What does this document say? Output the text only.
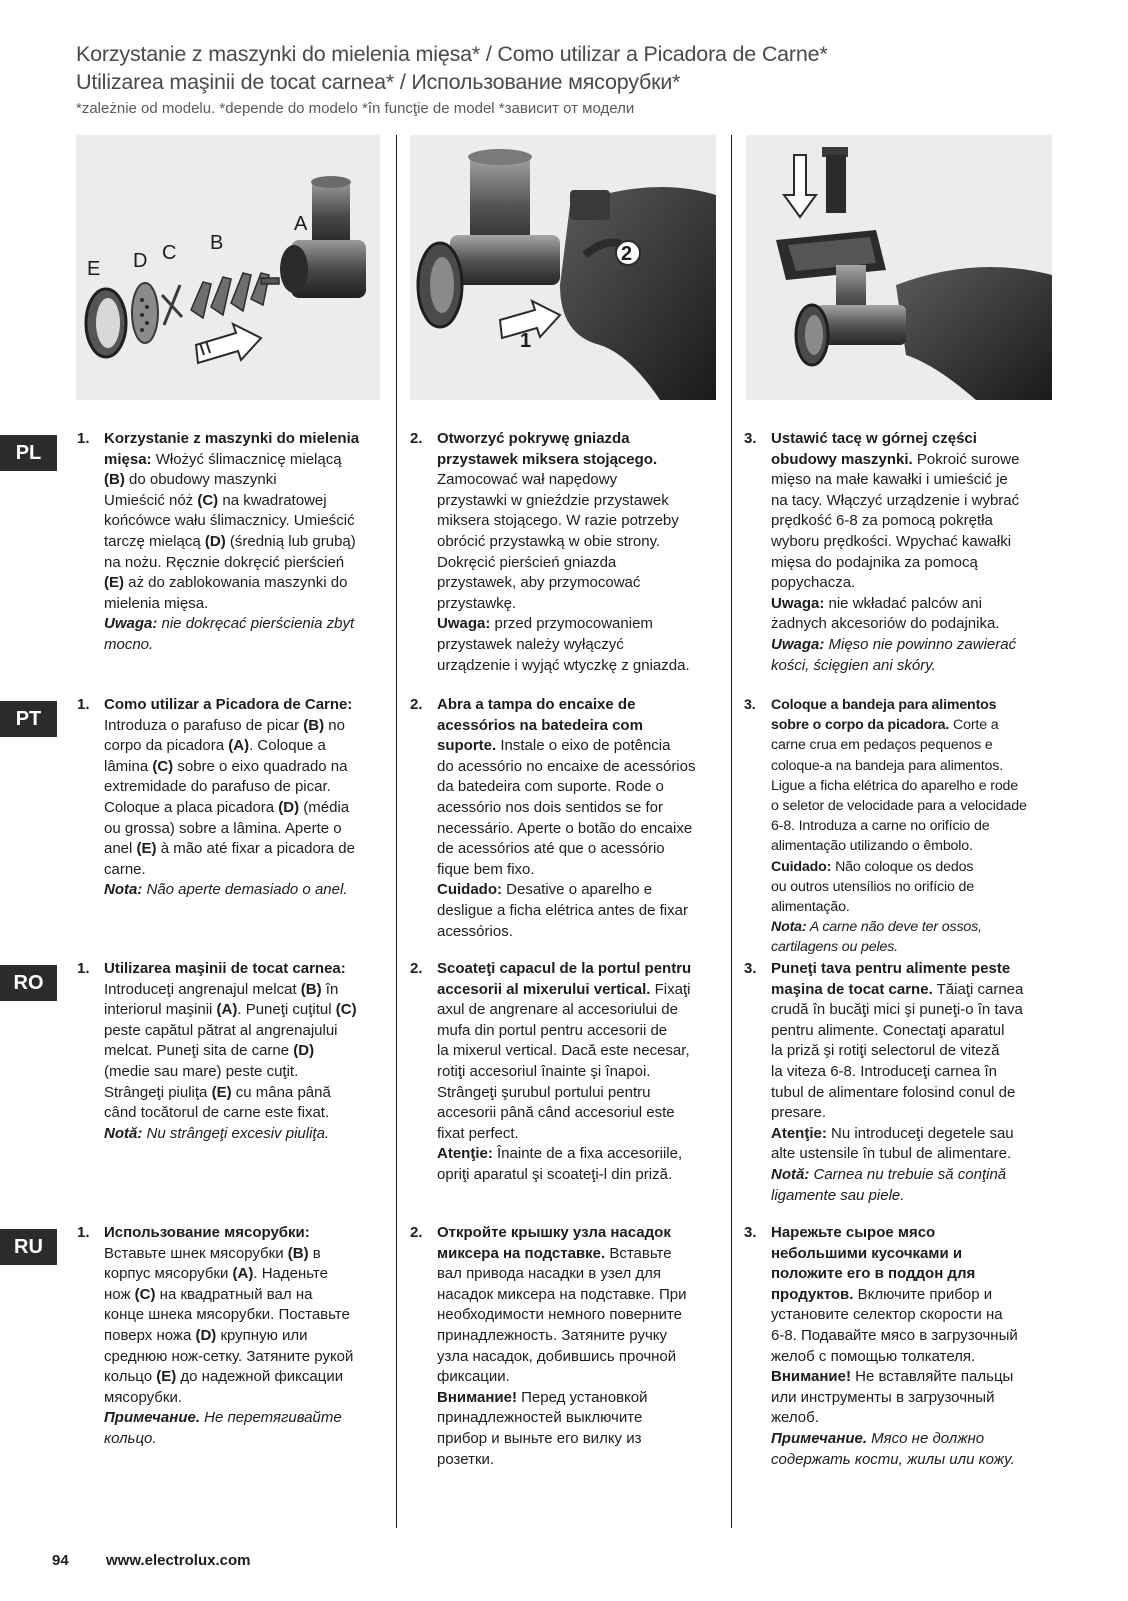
Korzystanie z maszynki do mielenia mięsa* / Como utilizar a Picadora de Carne*
Utilizarea maşinii de tocat carnea* / Использование мясорубки*
*zależnie od modelu. *depende do modelo *în funcţie de model *зависит от модели
A
B
C
D
E
2
1
PL
1. Korzystanie z maszynki do mielenia
mięsa: Włożyć ślimacznicę mielącą
(B) do obudowy maszynki
Umieścić nóż (C) na kwadratowej
końcówce wału ślimacznicy. Umieścić
tarczę mielącą (D) (średnią lub grubą)
na nożu. Ręcznie dokręcić pierścień
(E) aż do zablokowania maszynki do
mielenia mięsa.
Uwaga: nie dokręcać pierścienia zbyt
mocno.
2. Otworzyć pokrywę gniazda
przystawek miksera stojącego.
Zamocować wał napędowy
przystawki w gnieździe przystawek
miksera stojącego. W razie potrzeby
obrócić przystawką w obie strony.
Dokręcić pierścień gniazda
przystawek, aby przymocować
przystawkę.
Uwaga: przed przymocowaniem
przystawek należy wyłączyć
urządzenie i wyjąć wtyczkę z gniazda.
3. Ustawić tacę w górnej części
obudowy maszynki. Pokroić surowe
mięso na małe kawałki i umieścić je
na tacy. Włączyć urządzenie i wybrać
prędkość 6-8 za pomocą pokrętła
wyboru prędkości. Wpychać kawałki
mięsa do podajnika za pomocą
popychacza.
Uwaga: nie wkładać palców ani
żadnych akcesoriów do podajnika.
Uwaga: Mięso nie powinno zawierać
kości, ścięgien ani skóry.
PT
1. Como utilizar a Picadora de Carne:
Introduza o parafuso de picar (B) no
corpo da picadora (A). Coloque a
lâmina (C) sobre o eixo quadrado na
extremidade do parafuso de picar.
Coloque a placa picadora (D) (média
ou grossa) sobre a lâmina. Aperte o
anel (E) à mão até fixar a picadora de
carne.
Nota: Não aperte demasiado o anel.
2. Abra a tampa do encaixe de
acessórios na batedeira com
suporte. Instale o eixo de potência
do acessório no encaixe de acessórios
da batedeira com suporte. Rode o
acessório nos dois sentidos se for
necessário. Aperte o botão do encaixe
de acessórios até que o acessório
fique bem fixo.
Cuidado: Desative o aparelho e
desligue a ficha elétrica antes de fixar
acessórios.
3. Coloque a bandeja para alimentos
sobre o corpo da picadora. Corte a
carne crua em pedaços pequenos e
coloque-a na bandeja para alimentos.
Ligue a ficha elétrica do aparelho e rode
o seletor de velocidade para a velocidade
6-8. Introduza a carne no orifício de
alimentação utilizando o êmbolo.
Cuidado: Não coloque os dedos
ou outros utensílios no orifício de
alimentação.
Nota: A carne não deve ter ossos,
cartilagens ou peles.
RO
1. Utilizarea maşinii de tocat carnea:
Introduceţi angrenajul melcat (B) în
interiorul maşinii (A). Puneţi cuţitul (C)
peste capătul pătrat al angrenajului
melcat. Puneţi sita de carne (D)
(medie sau mare) peste cuţit.
Strângeţi piuliţa (E) cu mâna până
când tocătorul de carne este fixat.
Notă: Nu strângeţi excesiv piuliţa.
2. Scoateţi capacul de la portul pentru
accesorii al mixerului vertical. Fixaţi
axul de angrenare al accesoriului de
mufa din portul pentru accesorii de
la mixerul vertical. Dacă este necesar,
rotiţi accesoriul înainte şi înapoi.
Strângeţi şurubul portului pentru
accesorii până când accesoriul este
fixat perfect.
Atenţie: Înainte de a fixa accesoriile,
opriţi aparatul şi scoateţi-l din priză.
3. Puneţi tava pentru alimente peste
maşina de tocat carne. Tăiaţi carnea
crudă în bucăţi mici şi puneţi-o în tava
pentru alimente. Conectaţi aparatul
la priză şi rotiţi selectorul de viteză
la viteza 6-8. Introduceţi carnea în
tubul de alimentare folosind conul de
presare.
Atenţie: Nu introduceţi degetele sau
alte ustensile în tubul de alimentare.
Notă: Carnea nu trebuie să conţină
ligamente sau piele.
RU
1. Использование мясорубки:
Вставьте шнек мясорубки (B) в
корпус мясорубки (A). Наденьте
нож (C) на квадратный вал на
конце шнека мясорубки. Поставьте
поверх ножа (D) крупную или
среднюю нож-сетку. Затяните рукой
кольцо (E) до надежной фиксации
мясорубки.
Примечание. Не перетягивайте
кольцо.
2. Откройте крышку узла насадок
миксера на подставке. Вставьте
вал привода насадки в узел для
насадок миксера на подставке. При
необходимости немного поверните
принадлежность. Затяните ручку
узла насадок, добившись прочной
фиксации.
Внимание! Перед установкой
принадлежностей выключите
прибор и выньте его вилку из
розетки.
3. Нарежьте сырое мясо
небольшими кусочками и
положите его в поддон для
продуктов. Включите прибор и
установите селектор скорости на
6-8. Подавайте мясо в загрузочный
желоб с помощью толкателя.
Внимание! Не вставляйте пальцы
или инструменты в загрузочный
желоб.
Примечание. Мясо не должно
содержать кости, жилы или кожу.
94 www.electrolux.com
